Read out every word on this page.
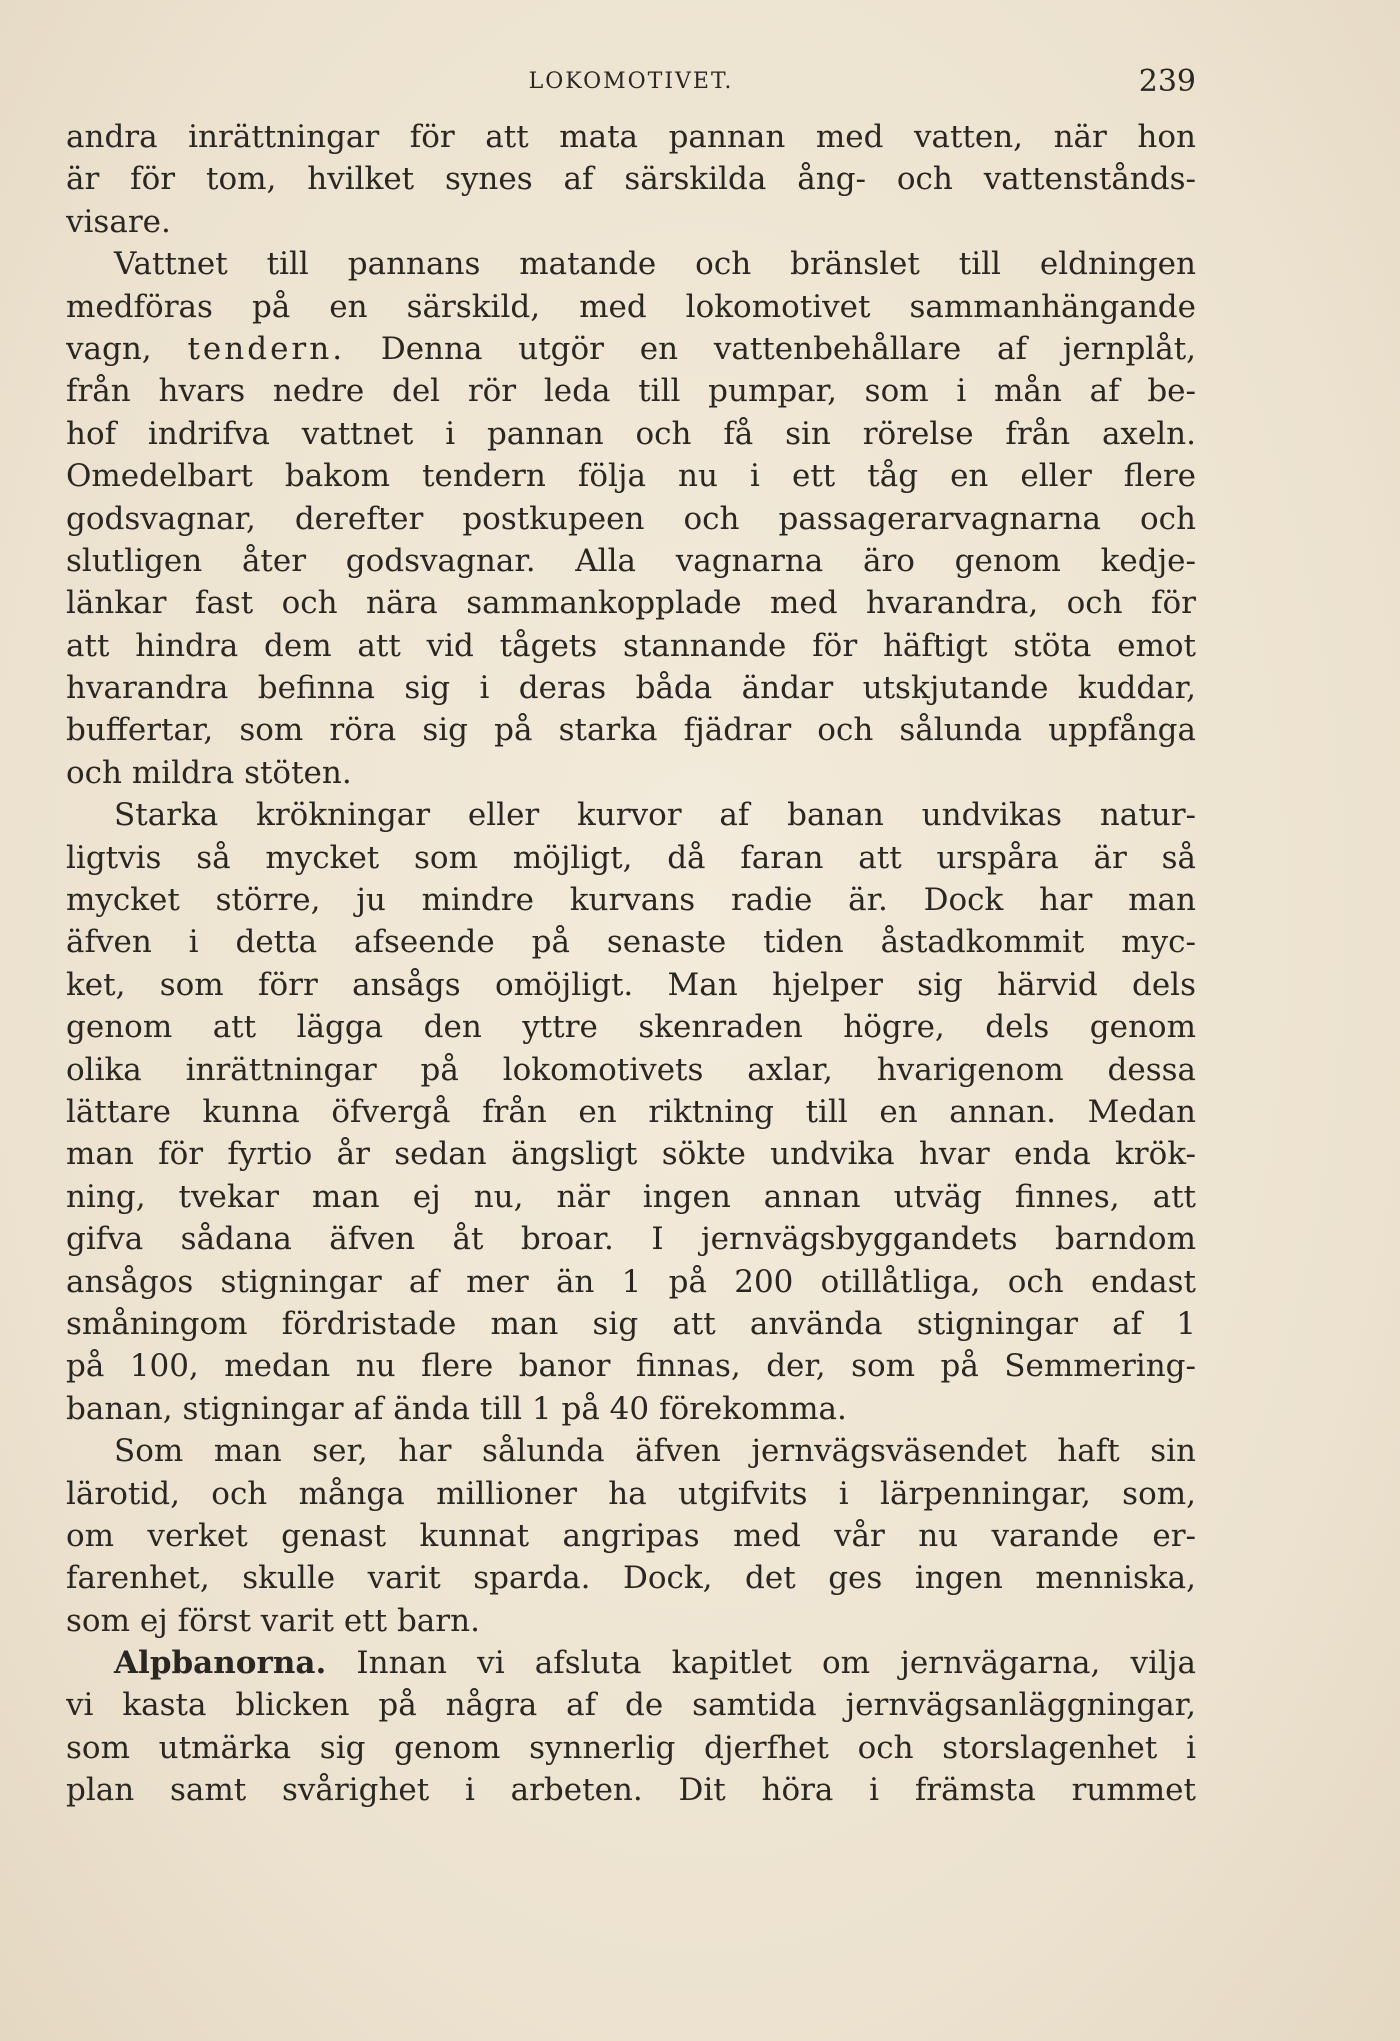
LOKOMOTIVET.	239
andra inrättningar för att mata pannan med vatten, när hon
är för tom, hvilket synes af särskilda ång- och vattenstånds-
visare.
Vattnet till pannans matande och bränslet till eldningen
medföras på en särskild, med lokomotivet sammanhängande
vagn, tendern. Denna utgör en vattenbehållare af jernplåt,
från hvars nedre del rör leda till pumpar, som i mån af be-
hof indrifva vattnet i pannan och få sin rörelse från axeln.
Omedelbart bakom tendern följa nu i ett tåg en eller flere
godsvagnar, derefter postkupeen och passagerarvagnarna och
slutligen åter godsvagnar. Alla vagnarna äro genom kedje-
länkar fast och nära sammankopplade med hvarandra, och för
att hindra dem att vid tågets stannande för häftigt stöta emot
hvarandra befinna sig i deras båda ändar utskjutande kuddar,
buffertar, som röra sig på starka fjädrar och sålunda uppfånga
och mildra stöten.
Starka krökningar eller kurvor af banan undvikas natur-
ligtvis så mycket som möjligt, då faran att urspåra är så
mycket större, ju mindre kurvans radie är. Dock har man
äfven i detta afseende på senaste tiden åstadkommit myc-
ket, som förr ansågs omöjligt. Man hjelper sig härvid dels
genom att lägga den yttre skenraden högre, dels genom
olika inrättningar på lokomotivets axlar, hvarigenom dessa
lättare kunna öfvergå från en riktning till en annan. Medan
man för fyrtio år sedan ängsligt sökte undvika hvar enda krök-
ning, tvekar man ej nu, när ingen annan utväg finnes, att
gifva sådana äfven åt broar. I jernvägsbyggandets barndom
ansågos stigningar af mer än 1 på 200 otillåtliga, och endast
småningom fördristade man sig att använda stigningar af 1
på 100, medan nu flere banor finnas, der, som på Semmering-
banan, stigningar af ända till 1 på 40 förekomma.
Som man ser, har sålunda äfven jernvägsväsendet haft sin
lärotid, och många millioner ha utgifvits i lärpenningar, som,
om verket genast kunnat angripas med vår nu varande er-
farenhet, skulle varit sparda. Dock, det ges ingen menniska,
som ej först varit ett barn.
Alpbanorna. Innan vi afsluta kapitlet om jernvägarna, vilja
vi kasta blicken på några af de samtida jernvägsanläggningar,
som utmärka sig genom synnerlig djerfhet och storslagenhet i
plan samt svårighet i arbeten. Dit höra i främsta rummet
